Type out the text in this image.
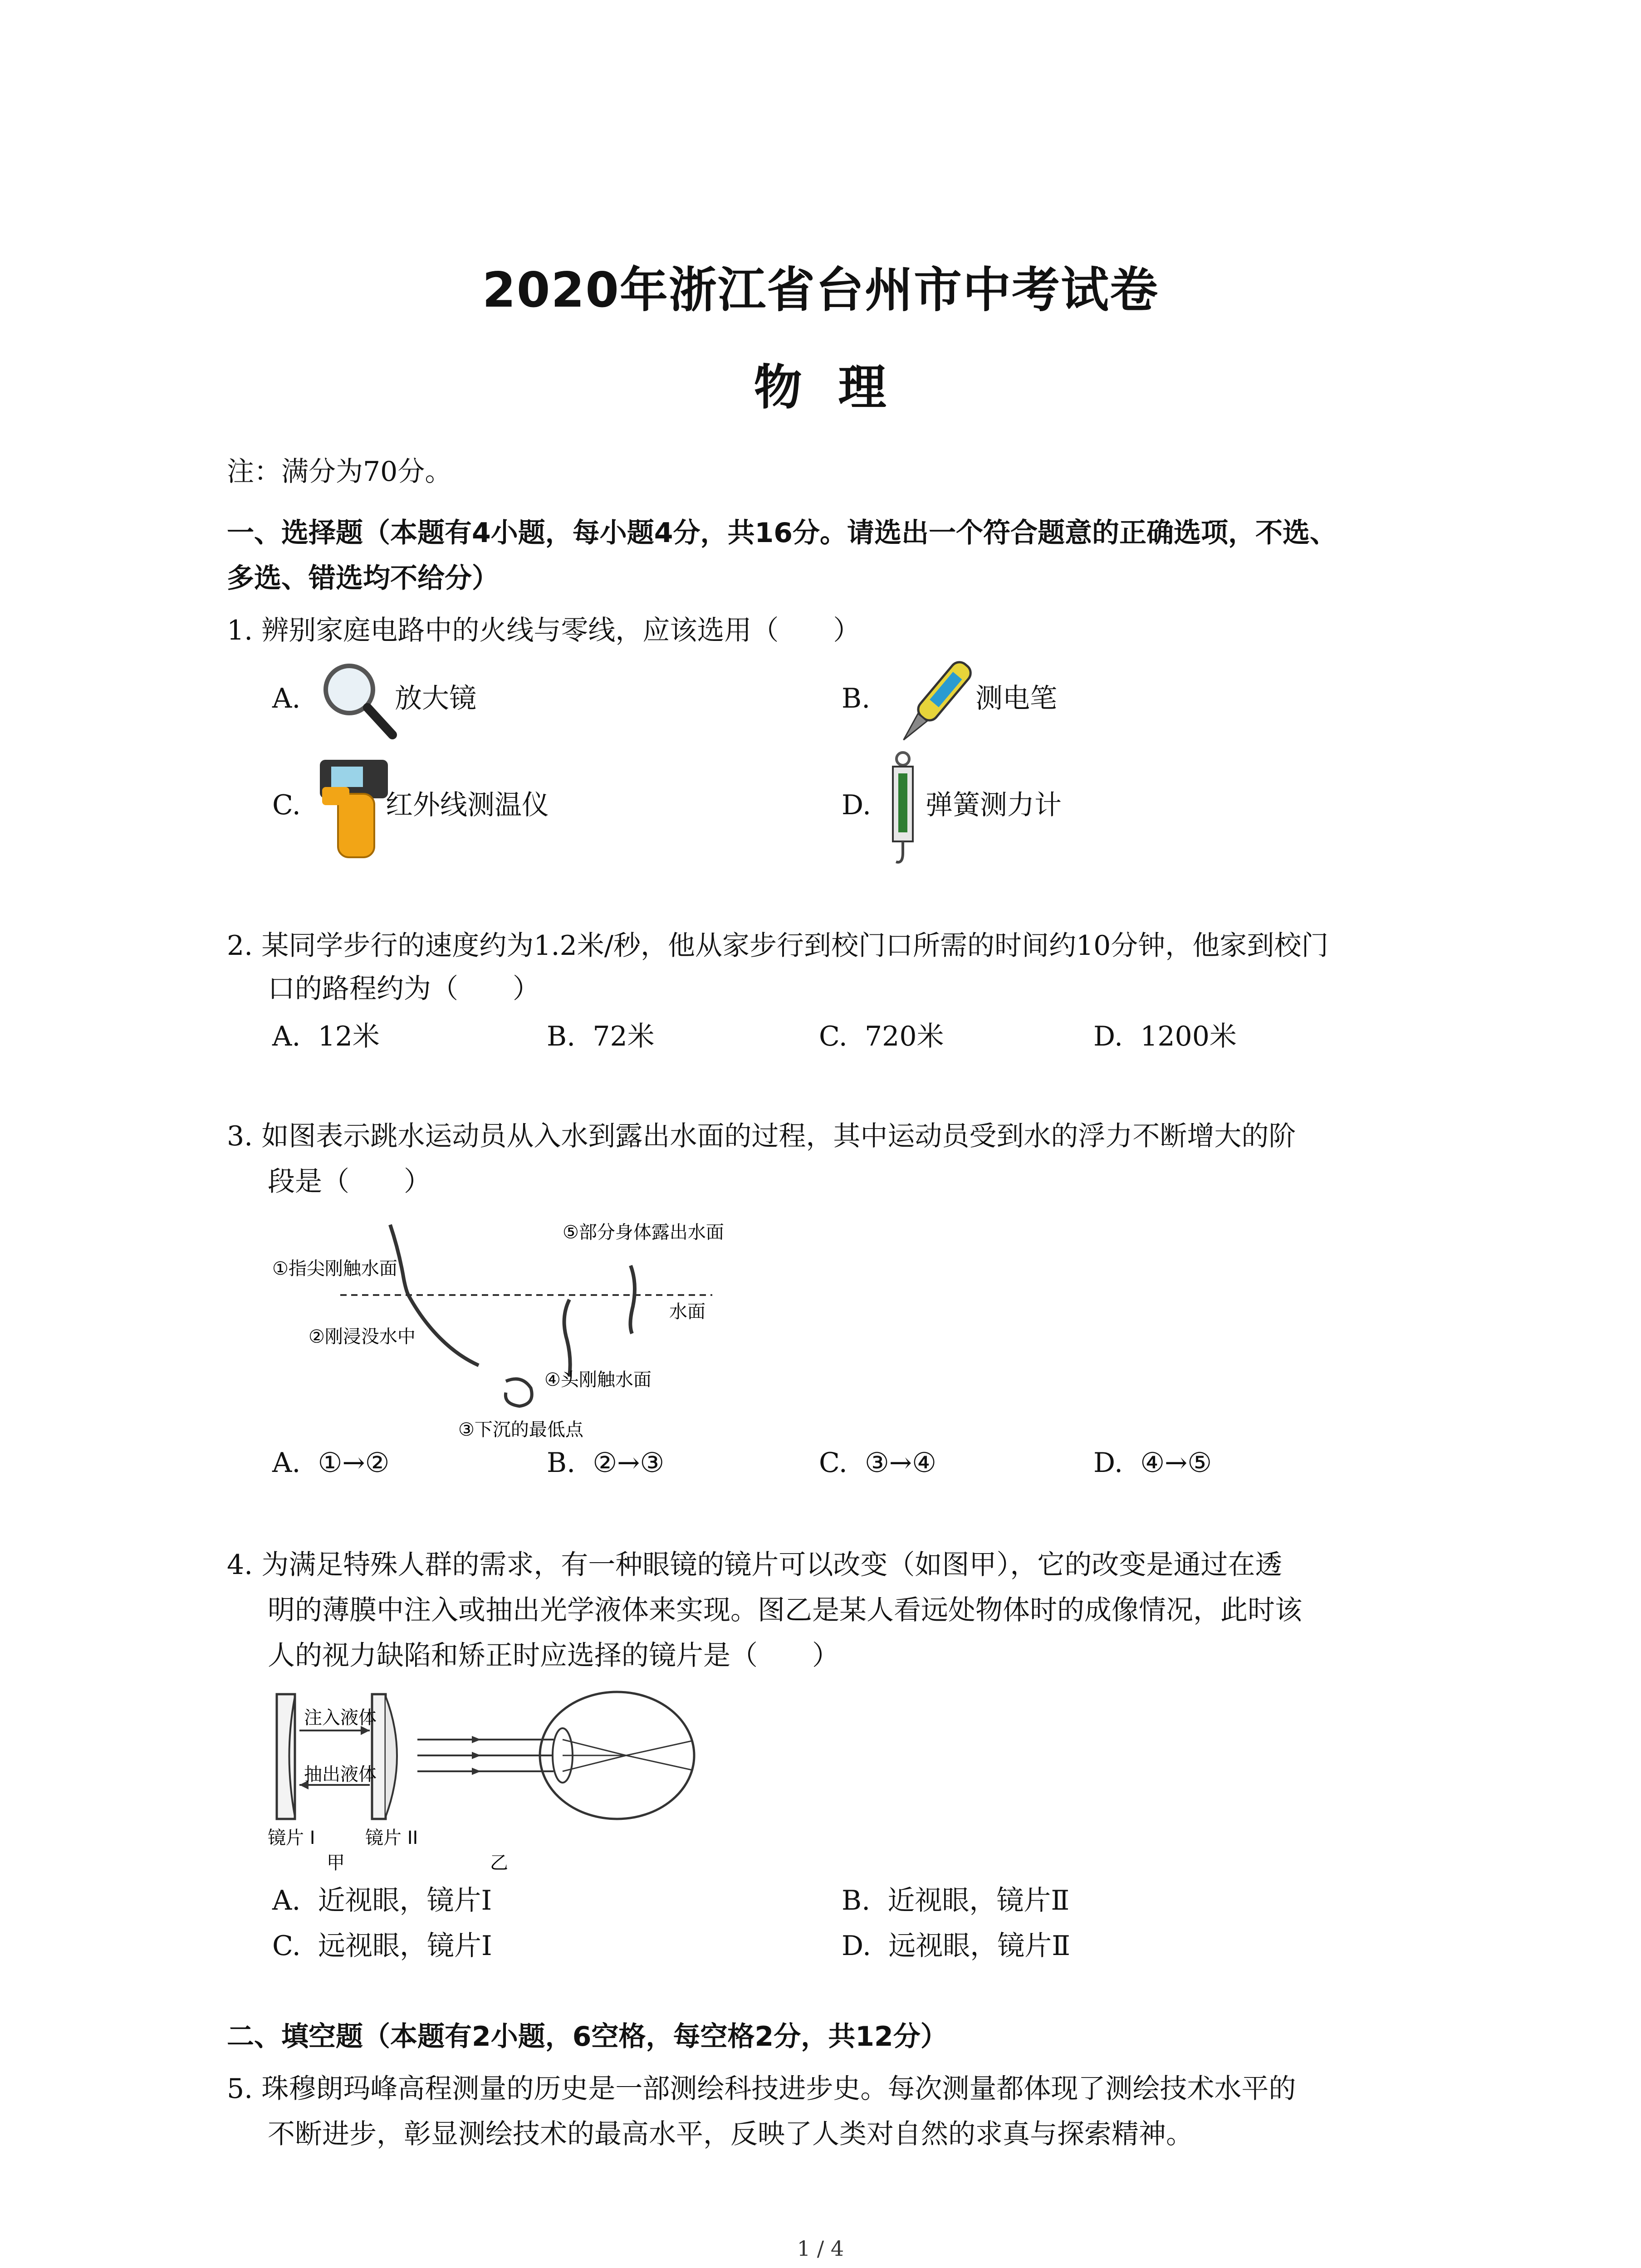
2020年浙江省台州市中考试卷
物  理
注：满分为70分。
一、选择题（本题有4小题，每小题4分，共16分。请选出一个符合题意的正确选项，不选、
多选、错选均不给分）
1. 辨别家庭电路中的火线与零线，应该选用（　　）
A.	放大镜	B.	测电笔
C.	红外线测温仪	D. 弹簧测力计
2. 某同学步行的速度约为1.2米/秒，他从家步行到校门口所需的时间约10分钟，他家到校门
口的路程约为（　　）
A. 12米	B. 72米	C. 720米	D. 1200米
3. 如图表示跳水运动员从入水到露出水面的过程，其中运动员受到水的浮力不断增大的阶
段是（　　）
①指尖刚触水面
②刚浸没水中
③下沉的最低点
④头刚触水面
⑤部分身体露出水面
水面
A. ①→②	B. ②→③	C. ③→④	D. ④→⑤
4. 为满足特殊人群的需求，有一种眼镜的镜片可以改变（如图甲），它的改变是通过在透
明的薄膜中注入或抽出光学液体来实现。图乙是某人看远处物体时的成像情况，此时该
人的视力缺陷和矫正时应选择的镜片是（　　）
注入液体
抽出液体
镜片 I	镜片 II
甲	乙
A. 近视眼，镜片Ⅰ	B. 近视眼，镜片Ⅱ
C. 远视眼，镜片Ⅰ	D. 远视眼，镜片Ⅱ
二、填空题（本题有2小题，6空格，每空格2分，共12分）
5. 珠穆朗玛峰高程测量的历史是一部测绘科技进步史。每次测量都体现了测绘技术水平的
不断进步，彰显测绘技术的最高水平，反映了人类对自然的求真与探索精神。
1 / 4
